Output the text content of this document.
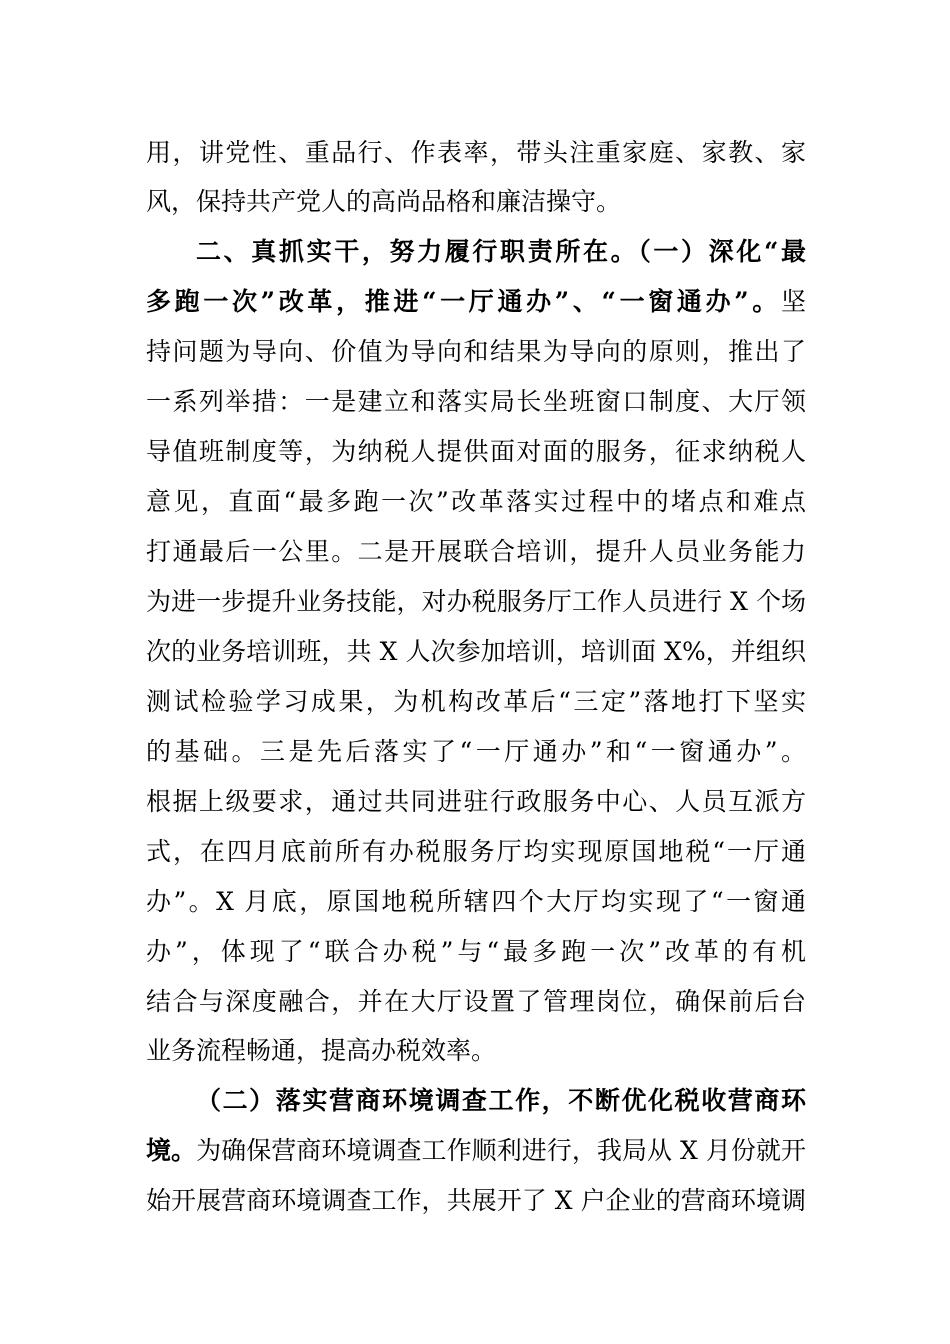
用，讲党性、重品行、作表率，带头注重家庭、家教、家
风，保持共产党人的高尚品格和廉洁操守。
二、真抓实干，努力履行职责所在。（一）深化“最
多跑一次”改革，推进“一厅通办”、“一窗通办”。坚
持问题为导向、价值为导向和结果为导向的原则，推出了
一系列举措：一是建立和落实局长坐班窗口制度、大厅领
导值班制度等，为纳税人提供面对面的服务，征求纳税人
意见，直面“最多跑一次”改革落实过程中的堵点和难点
打通最后一公里。二是开展联合培训，提升人员业务能力
为进一步提升业务技能，对办税服务厅工作人员进行 X 个场
次的业务培训班，共 X 人次参加培训，培训面 X%，并组织
测试检验学习成果，为机构改革后“三定”落地打下坚实
的基础。三是先后落实了“一厅通办”和“一窗通办”。
根据上级要求，通过共同进驻行政服务中心、人员互派方
式，在四月底前所有办税服务厅均实现原国地税“一厅通
办”。X 月底，原国地税所辖四个大厅均实现了“一窗通
办”，体现了“联合办税”与“最多跑一次”改革的有机
结合与深度融合，并在大厅设置了管理岗位，确保前后台
业务流程畅通，提高办税效率。
（二）落实营商环境调查工作，不断优化税收营商环
境。为确保营商环境调查工作顺利进行，我局从 X 月份就开
始开展营商环境调查工作，共展开了 X 户企业的营商环境调
